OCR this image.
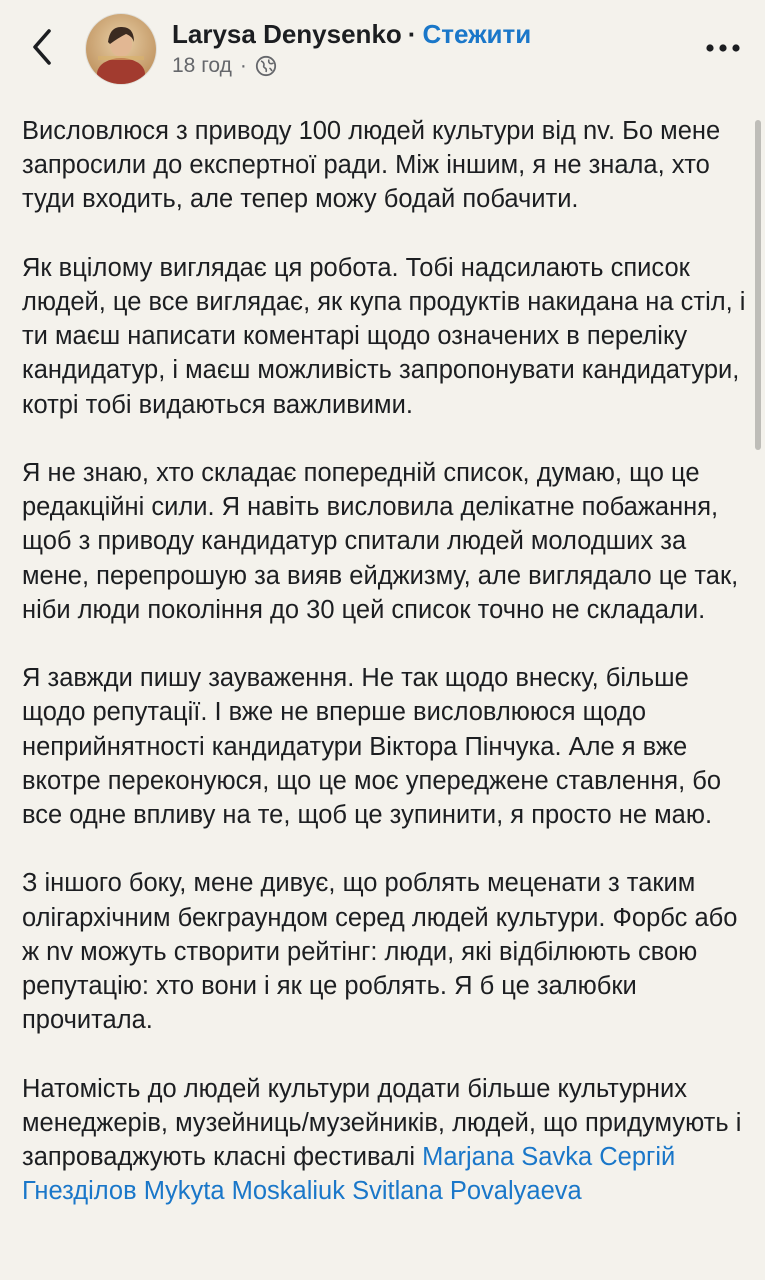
Larysa Denysenko · Стежити
18 год ·

Висловлюся з приводу 100 людей культури від nv. Бо мене запросили до експертної ради. Між іншим, я не знала, хто туди входить, але тепер можу бодай побачити.

Як вцілому виглядає ця робота. Тобі надсилають список людей, це все виглядає, як купа продуктів накидана на стіл, і ти маєш написати коментарі щодо означених в переліку кандидатур, і маєш можливість запропонувати кандидатури, котрі тобі видаються важливими.

Я не знаю, хто складає попередній список, думаю, що це редакційні сили. Я навіть висловила делікатне побажання, щоб з приводу кандидатур спитали людей молодших за мене, перепрошую за вияв ейджизму, але виглядало це так, ніби люди покоління до 30 цей список точно не складали.

Я завжди пишу зауваження. Не так щодо внеску, більше щодо репутації. І вже не вперше висловлююся щодо неприйнятності кандидатури Віктора Пінчука. Але я вже вкотре переконуюся, що це моє упереджене ставлення, бо все одне впливу на те, щоб це зупинити, я просто не маю.

З іншого боку, мене дивує, що роблять меценати з таким олігархічним бекграундом серед людей культури. Форбс або ж nv можуть створити рейтінг: люди, які відбілюють свою репутацію: хто вони і як це роблять. Я б це залюбки прочитала.

Натомість до людей культури додати більше культурних менеджерів, музейниць/музейників, людей, що придумують і запроваджують класні фестивалі Marjana Savka Сергій Гнезділов Mykyta Moskaliuk Svitlana Povalyaeva
